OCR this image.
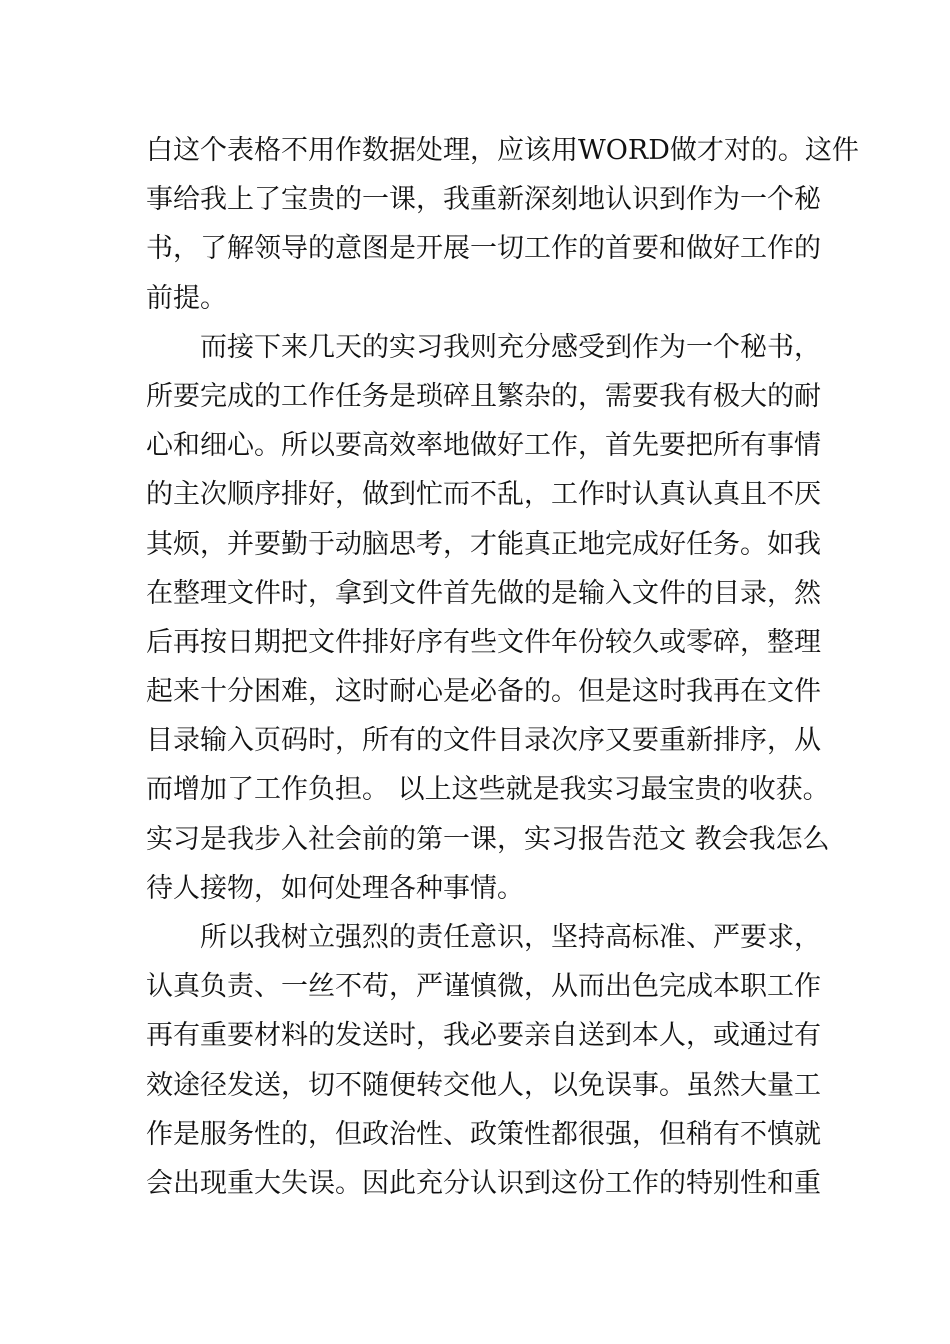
白这个表格不用作数据处理，应该用WORD做才对的。这件
事给我上了宝贵的一课，我重新深刻地认识到作为一个秘
书，了解领导的意图是开展一切工作的首要和做好工作的
前提。
而接下来几天的实习我则充分感受到作为一个秘书，
所要完成的工作任务是琐碎且繁杂的，需要我有极大的耐
心和细心。所以要高效率地做好工作，首先要把所有事情
的主次顺序排好，做到忙而不乱，工作时认真认真且不厌
其烦，并要勤于动脑思考，才能真正地完成好任务。如我
在整理文件时，拿到文件首先做的是输入文件的目录，然
后再按日期把文件排好序有些文件年份较久或零碎，整理
起来十分困难，这时耐心是必备的。但是这时我再在文件
目录输入页码时，所有的文件目录次序又要重新排序，从
而增加了工作负担。 以上这些就是我实习最宝贵的收获。
实习是我步入社会前的第一课，实习报告范文 教会我怎么
待人接物，如何处理各种事情。
所以我树立强烈的责任意识，坚持高标准、严要求，
认真负责、一丝不苟，严谨慎微，从而出色完成本职工作
再有重要材料的发送时，我必要亲自送到本人，或通过有
效途径发送，切不随便转交他人，以免误事。虽然大量工
作是服务性的，但政治性、政策性都很强，但稍有不慎就
会出现重大失误。因此充分认识到这份工作的特别性和重
